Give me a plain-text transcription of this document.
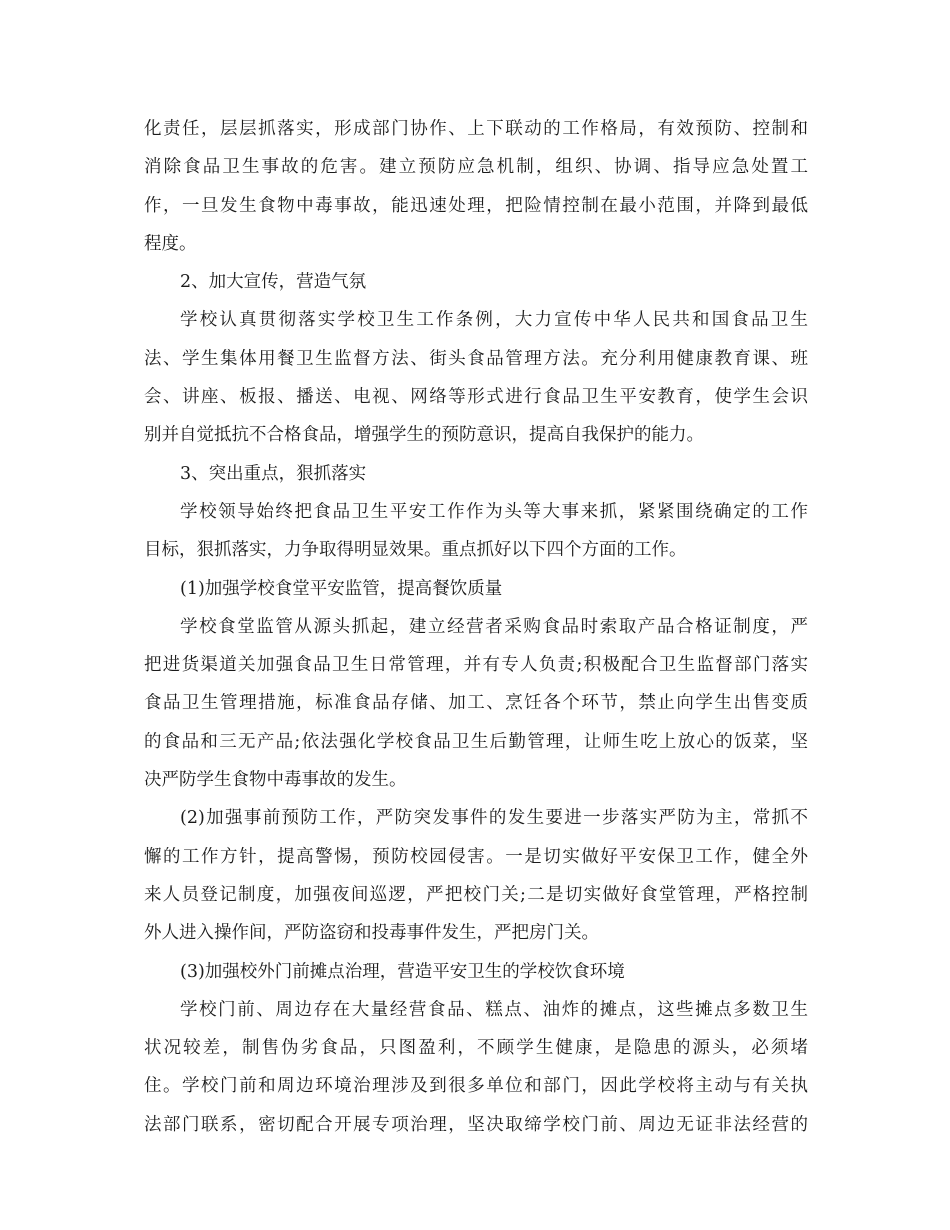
化责任，层层抓落实，形成部门协作、上下联动的工作格局，有效预防、控制和
消除食品卫生事故的危害。建立预防应急机制，组织、协调、指导应急处置工
作，一旦发生食物中毒事故，能迅速处理，把险情控制在最小范围，并降到最低
程度。
2、加大宣传，营造气氛
学校认真贯彻落实学校卫生工作条例，大力宣传中华人民共和国食品卫生
法、学生集体用餐卫生监督方法、街头食品管理方法。充分利用健康教育课、班
会、讲座、板报、播送、电视、网络等形式进行食品卫生平安教育，使学生会识
别并自觉抵抗不合格食品，增强学生的预防意识，提高自我保护的能力。
3、突出重点，狠抓落实
学校领导始终把食品卫生平安工作作为头等大事来抓，紧紧围绕确定的工作
目标，狠抓落实，力争取得明显效果。重点抓好以下四个方面的工作。
(1)加强学校食堂平安监管，提高餐饮质量
学校食堂监管从源头抓起，建立经营者采购食品时索取产品合格证制度，严
把进货渠道关加强食品卫生日常管理，并有专人负责;积极配合卫生监督部门落实
食品卫生管理措施，标准食品存储、加工、烹饪各个环节，禁止向学生出售变质
的食品和三无产品;依法强化学校食品卫生后勤管理，让师生吃上放心的饭菜，坚
决严防学生食物中毒事故的发生。
(2)加强事前预防工作，严防突发事件的发生要进一步落实严防为主，常抓不
懈的工作方针，提高警惕，预防校园侵害。一是切实做好平安保卫工作，健全外
来人员登记制度，加强夜间巡逻，严把校门关;二是切实做好食堂管理，严格控制
外人进入操作间，严防盗窃和投毒事件发生，严把房门关。
(3)加强校外门前摊点治理，营造平安卫生的学校饮食环境
学校门前、周边存在大量经营食品、糕点、油炸的摊点，这些摊点多数卫生
状况较差，制售伪劣食品，只图盈利，不顾学生健康，是隐患的源头，必须堵
住。学校门前和周边环境治理涉及到很多单位和部门，因此学校将主动与有关执
法部门联系，密切配合开展专项治理，坚决取缔学校门前、周边无证非法经营的
